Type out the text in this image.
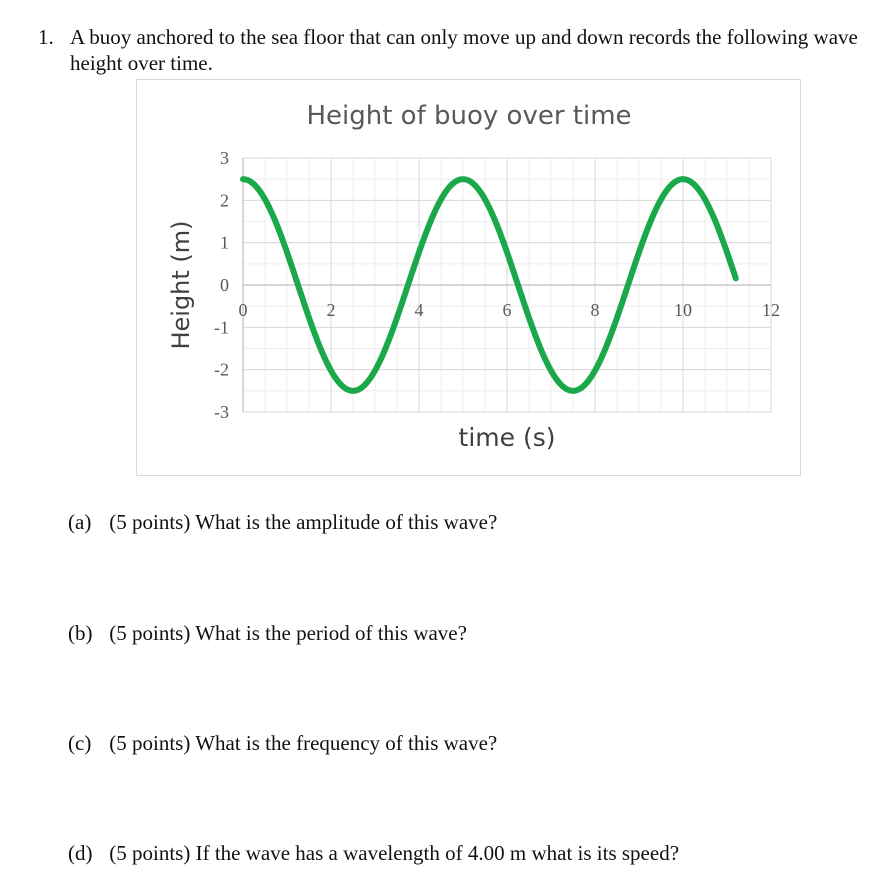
1. A buoy anchored to the sea floor that can only move up and down records the following wave height over time.
0	2	4	6	8	10	12
3
2
1
0
-1
-2
-3
Height of buoy over time
time (s)
Height (m)
(a) (5 points) What is the amplitude of this wave?
(b) (5 points) What is the period of this wave?
(c) (5 points) What is the frequency of this wave?
(d) (5 points) If the wave has a wavelength of 4.00 m what is its speed?
